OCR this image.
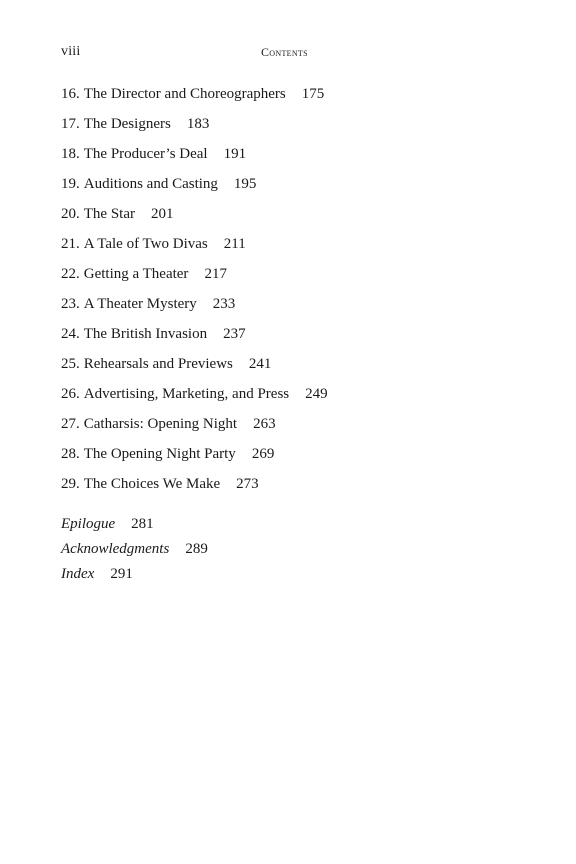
viii	Contents
16. The Director and Choreographers 175
17. The Designers 183
18. The Producer’s Deal 191
19. Auditions and Casting 195
20. The Star 201
21. A Tale of Two Divas 211
22. Getting a Theater 217
23. A Theater Mystery 233
24. The British Invasion 237
25. Rehearsals and Previews 241
26. Advertising, Marketing, and Press 249
27. Catharsis: Opening Night 263
28. The Opening Night Party 269
29. The Choices We Make 273
Epilogue 281
Acknowledgments 289
Index 291
